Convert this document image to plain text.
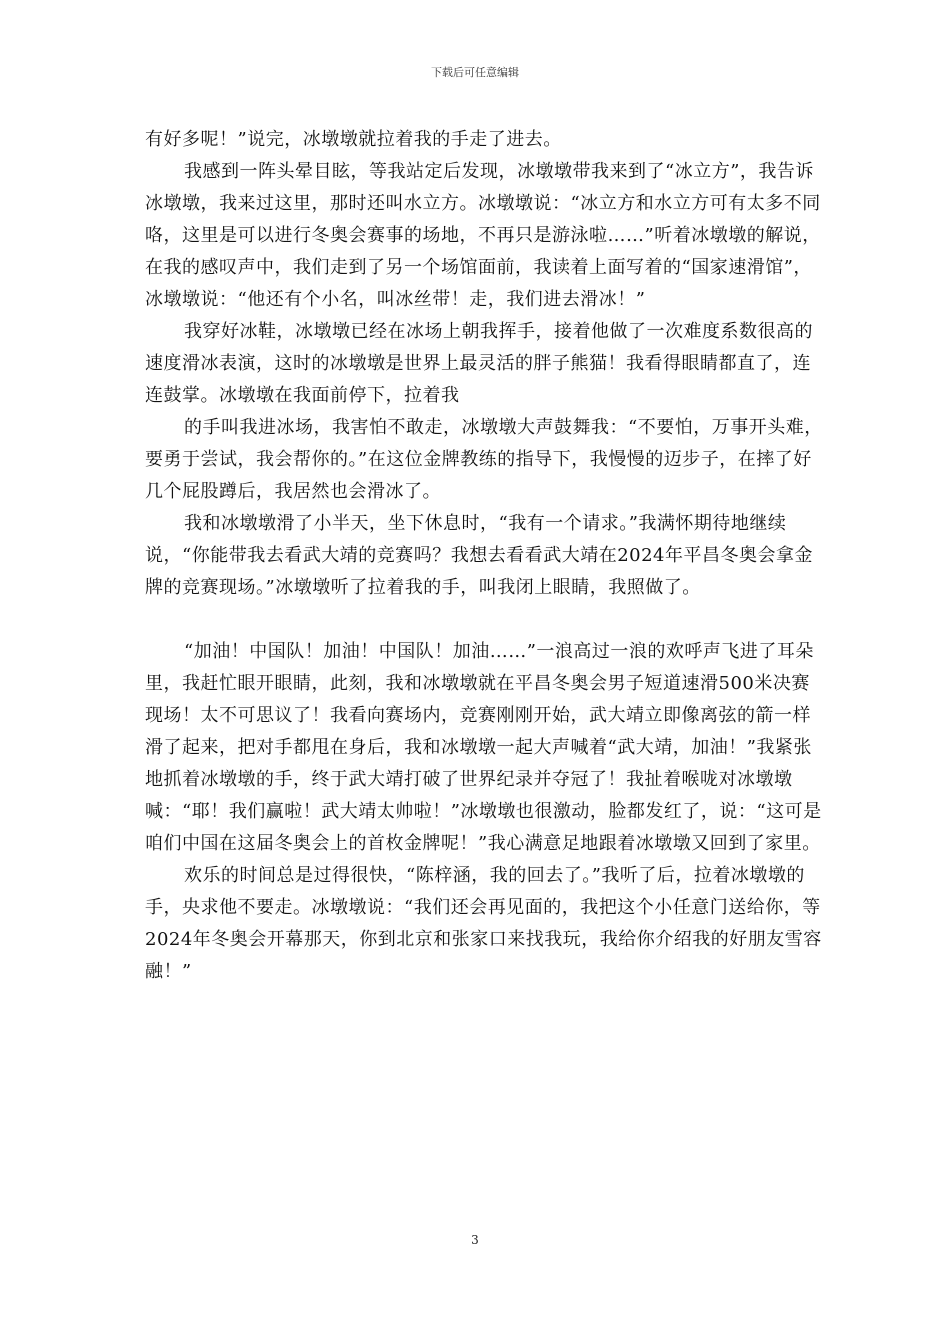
下载后可任意编辑

有好多呢！”说完，冰墩墩就拉着我的手走了进去。

我感到一阵头晕目眩，等我站定后发现，冰墩墩带我来到了“冰立方”，我告诉冰墩墩，我来过这里，那时还叫水立方。冰墩墩说：“冰立方和水立方可有太多不同咯，这里是可以进行冬奥会赛事的场地，不再只是游泳啦……”听着冰墩墩的解说，在我的感叹声中，我们走到了另一个场馆面前，我读着上面写着的“国家速滑馆”，冰墩墩说：“他还有个小名，叫冰丝带！走，我们进去滑冰！”

我穿好冰鞋，冰墩墩已经在冰场上朝我挥手，接着他做了一次难度系数很高的速度滑冰表演，这时的冰墩墩是世界上最灵活的胖子熊猫！我看得眼睛都直了，连连鼓掌。冰墩墩在我面前停下，拉着我

的手叫我进冰场，我害怕不敢走，冰墩墩大声鼓舞我：“不要怕，万事开头难，要勇于尝试，我会帮你的。”在这位金牌教练的指导下，我慢慢的迈步子，在摔了好几个屁股蹲后，我居然也会滑冰了。

我和冰墩墩滑了小半天，坐下休息时，“我有一个请求。”我满怀期待地继续说，“你能带我去看武大靖的竞赛吗？我想去看看武大靖在2024年平昌冬奥会拿金牌的竞赛现场。”冰墩墩听了拉着我的手，叫我闭上眼睛，我照做了。

“加油！中国队！加油！中国队！加油……”一浪高过一浪的欢呼声飞进了耳朵里，我赶忙眼开眼睛，此刻，我和冰墩墩就在平昌冬奥会男子短道速滑500米决赛现场！太不可思议了！我看向赛场内，竞赛刚刚开始，武大靖立即像离弦的箭一样滑了起来，把对手都甩在身后，我和冰墩墩一起大声喊着“武大靖，加油！”我紧张地抓着冰墩墩的手，终于武大靖打破了世界纪录并夺冠了！我扯着喉咙对冰墩墩喊：“耶！我们赢啦！武大靖太帅啦！”冰墩墩也很激动，脸都发红了，说：“这可是咱们中国在这届冬奥会上的首枚金牌呢！”我心满意足地跟着冰墩墩又回到了家里。

欢乐的时间总是过得很快，“陈梓涵，我的回去了。”我听了后，拉着冰墩墩的手，央求他不要走。冰墩墩说：“我们还会再见面的，我把这个小任意门送给你，等2024年冬奥会开幕那天，你到北京和张家口来找我玩，我给你介绍我的好朋友雪容融！”

3
